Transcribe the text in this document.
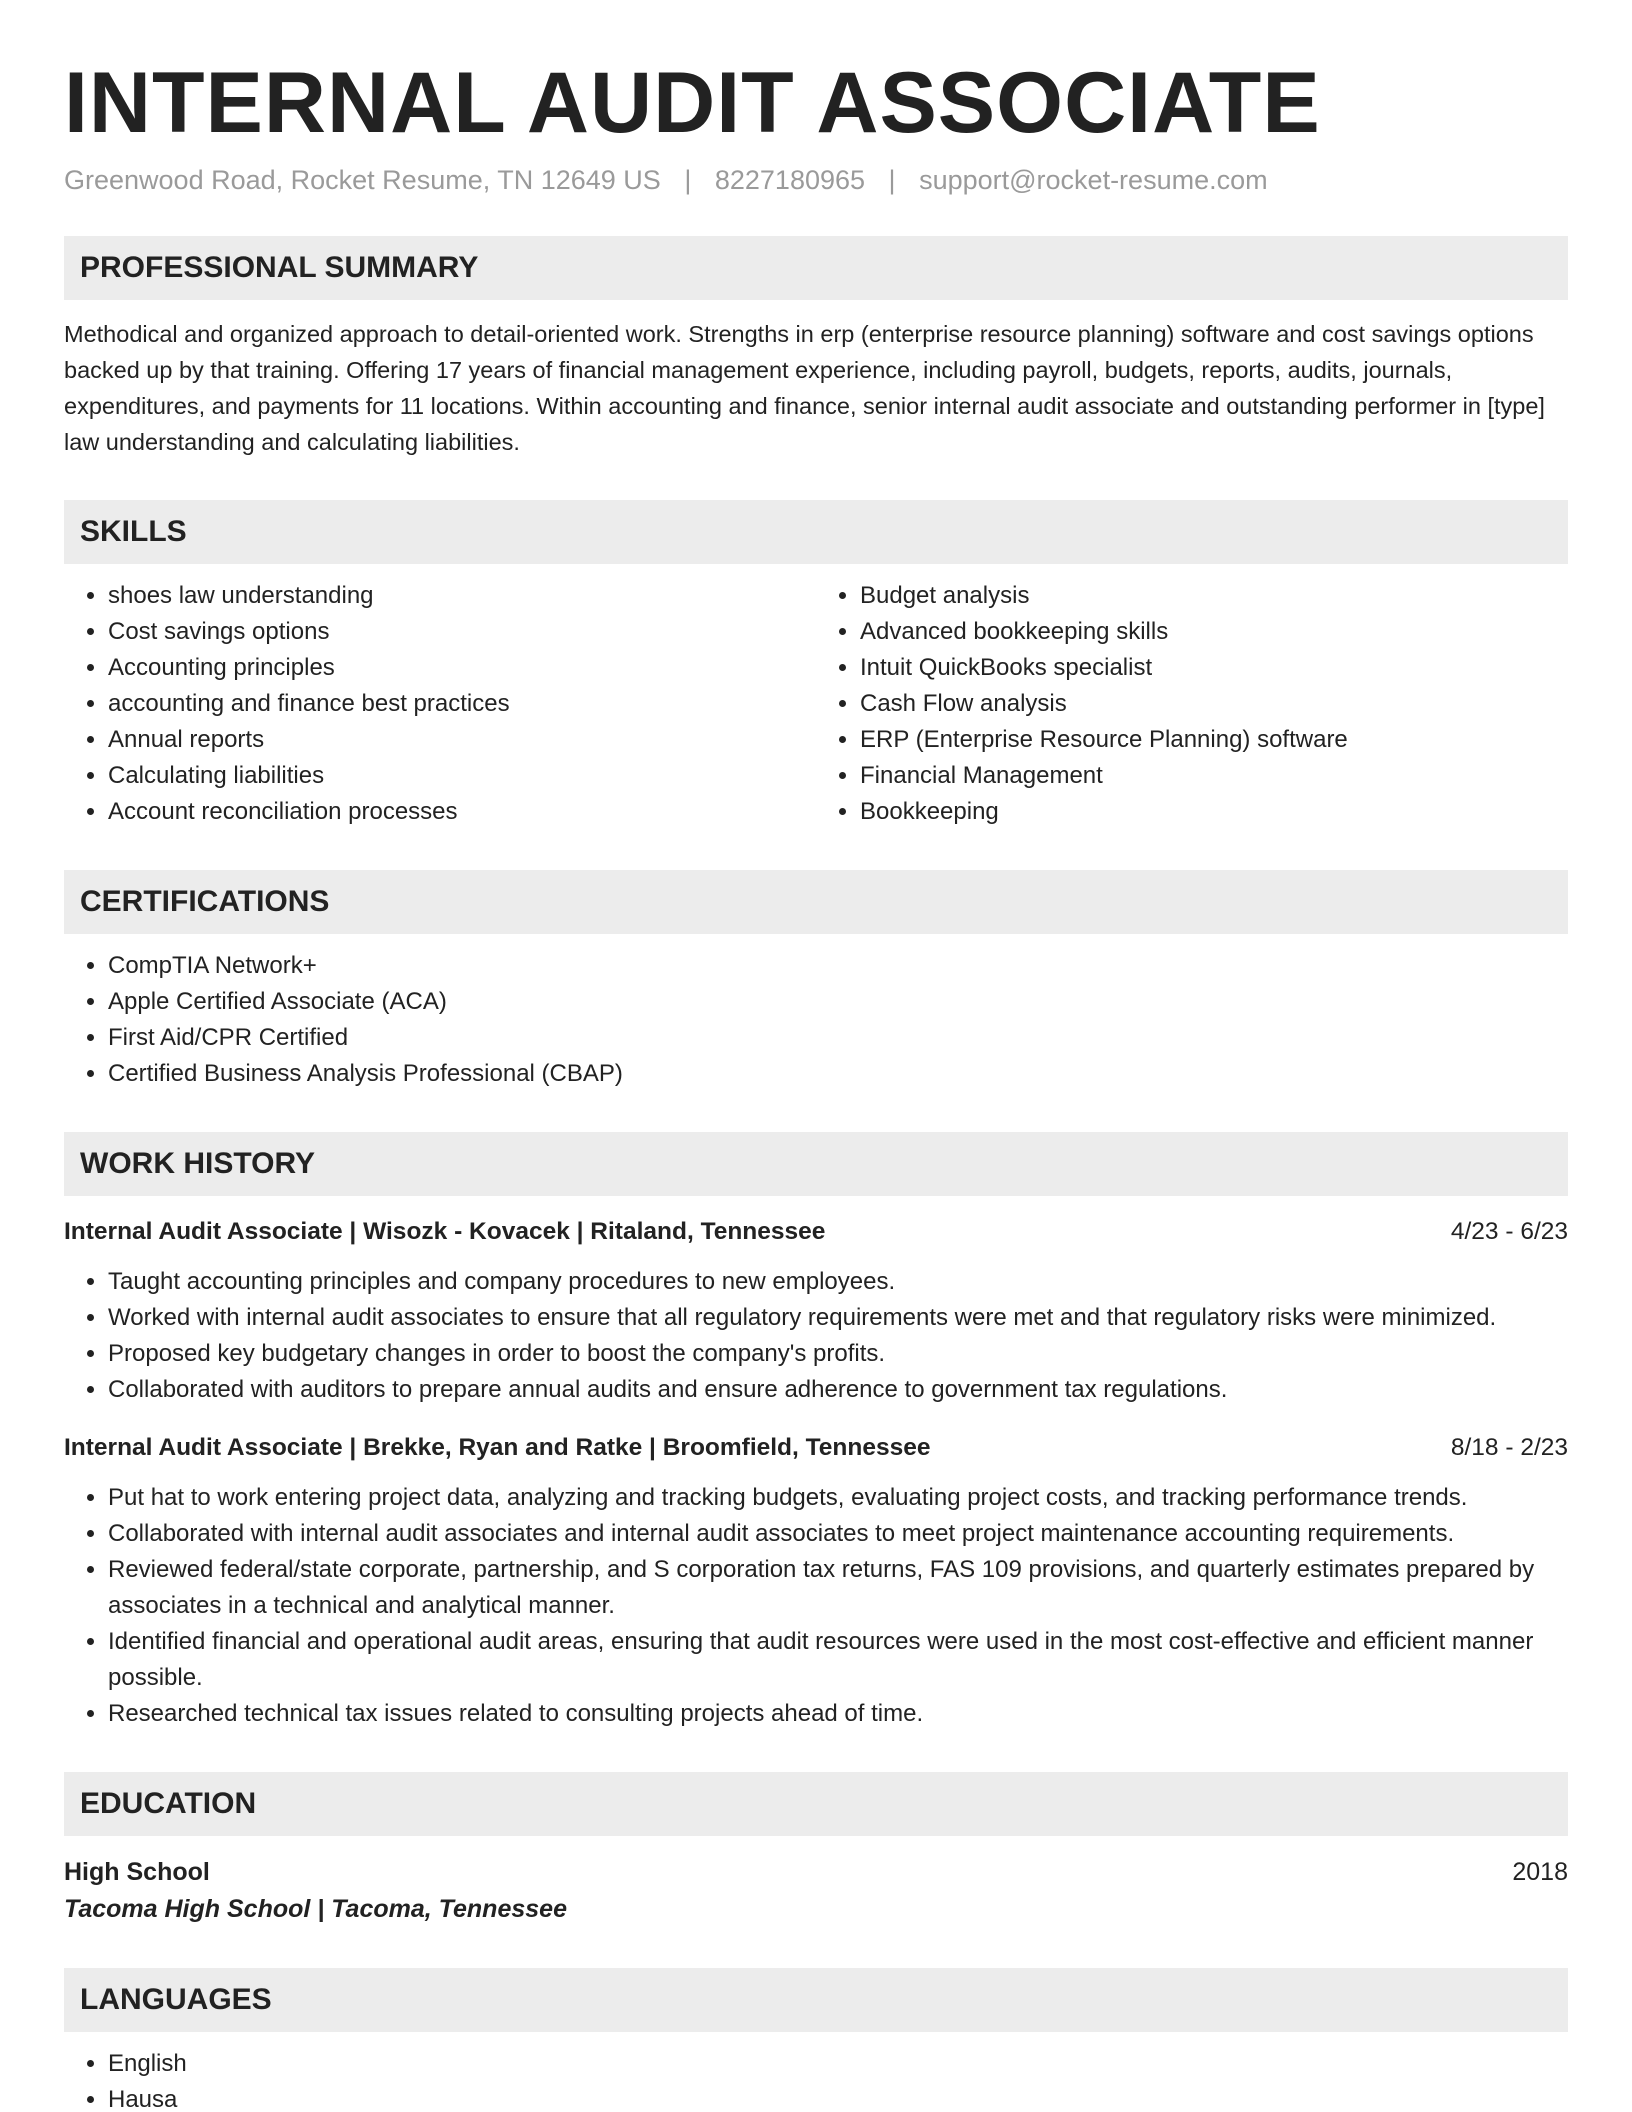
INTERNAL AUDIT ASSOCIATE
Greenwood Road, Rocket Resume, TN 12649 US | 8227180965 | support@rocket-resume.com
PROFESSIONAL SUMMARY

Methodical and organized approach to detail-oriented work. Strengths in erp (enterprise resource planning) software and cost savings options backed up by that training. Offering 17 years of financial management experience, including payroll, budgets, reports, audits, journals, expenditures, and payments for 11 locations. Within accounting and finance, senior internal audit associate and outstanding performer in [type] law understanding and calculating liabilities.

SKILLS
• shoes law understanding
• Cost savings options
• Accounting principles
• accounting and finance best practices
• Annual reports
• Calculating liabilities
• Account reconciliation processes
• Budget analysis
• Advanced bookkeeping skills
• Intuit QuickBooks specialist
• Cash Flow analysis
• ERP (Enterprise Resource Planning) software
• Financial Management
• Bookkeeping
CERTIFICATIONS
• CompTIA Network+
• Apple Certified Associate (ACA)
• First Aid/CPR Certified
• Certified Business Analysis Professional (CBAP)
WORK HISTORY
Internal Audit Associate | Wisozk - Kovacek | Ritaland, Tennessee	4/23 - 6/23
• Taught accounting principles and company procedures to new employees.
• Worked with internal audit associates to ensure that all regulatory requirements were met and that regulatory risks were minimized.
• Proposed key budgetary changes in order to boost the company's profits.
• Collaborated with auditors to prepare annual audits and ensure adherence to government tax regulations.
Internal Audit Associate | Brekke, Ryan and Ratke | Broomfield, Tennessee	8/18 - 2/23
• Put hat to work entering project data, analyzing and tracking budgets, evaluating project costs, and tracking performance trends.
• Collaborated with internal audit associates and internal audit associates to meet project maintenance accounting requirements.
• Reviewed federal/state corporate, partnership, and S corporation tax returns, FAS 109 provisions, and quarterly estimates prepared by associates in a technical and analytical manner.
• Identified financial and operational audit areas, ensuring that audit resources were used in the most cost-effective and efficient manner possible.
• Researched technical tax issues related to consulting projects ahead of time.
EDUCATION
High School	2018
Tacoma High School | Tacoma, Tennessee
LANGUAGES
• English
• Hausa
